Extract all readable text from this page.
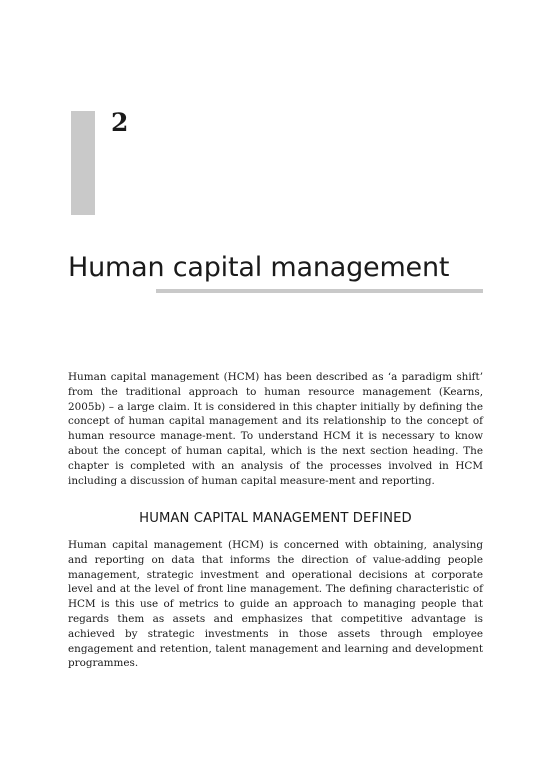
2
Human capital management

Human capital management (HCM) has been described as ‘a paradigm shift’ from the traditional approach to human resource management (Kearns, 2005b) – a large claim. It is considered in this chapter initially by defining the concept of human capital management and its relationship to the concept of human resource manage-ment. To understand HCM it is necessary to know about the concept of human capital, which is the next section heading. The chapter is completed with an analysis of the processes involved in HCM including a discussion of human capital measure-ment and reporting.

HUMAN CAPITAL MANAGEMENT DEFINED

Human capital management (HCM) is concerned with obtaining, analysing and reporting on data that informs the direction of value-adding people management, strategic investment and operational decisions at corporate level and at the level of front line management. The defining characteristic of HCM is this use of metrics to guide an approach to managing people that regards them as assets and emphasizes that competitive advantage is achieved by strategic investments in those assets through employee engagement and retention, talent management and learning and development programmes.
